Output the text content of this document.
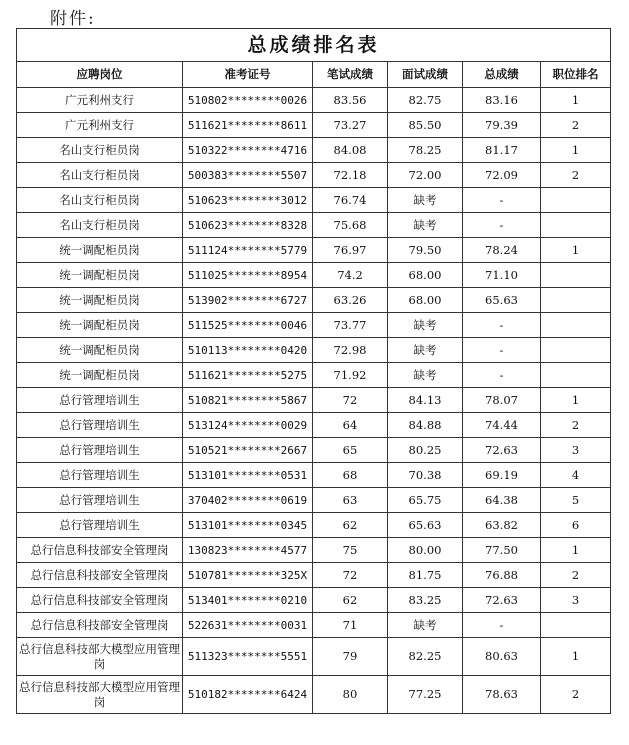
附件:
总成绩排名表					
应聘岗位	准考证号	笔试成绩	面试成绩	总成绩	职位排名
广元利州支行	510802********0026	83.56	82.75	83.16	1
广元利州支行	511621********8611	73.27	85.50	79.39	2
名山支行柜员岗	510322********4716	84.08	78.25	81.17	1
名山支行柜员岗	500383********5507	72.18	72.00	72.09	2
名山支行柜员岗	510623********3012	76.74	缺考	-	
名山支行柜员岗	510623********8328	75.68	缺考	-	
统一调配柜员岗	511124********5779	76.97	79.50	78.24	1
统一调配柜员岗	511025********8954	74.2	68.00	71.10	
统一调配柜员岗	513902********6727	63.26	68.00	65.63	
统一调配柜员岗	511525********0046	73.77	缺考	-	
统一调配柜员岗	510113********0420	72.98	缺考	-	
统一调配柜员岗	511621********5275	71.92	缺考	-	
总行管理培训生	510821********5867	72	84.13	78.07	1
总行管理培训生	513124********0029	64	84.88	74.44	2
总行管理培训生	510521********2667	65	80.25	72.63	3
总行管理培训生	513101********0531	68	70.38	69.19	4
总行管理培训生	370402********0619	63	65.75	64.38	5
总行管理培训生	513101********0345	62	65.63	63.82	6
总行信息科技部安全管理岗	130823********4577	75	80.00	77.50	1
总行信息科技部安全管理岗	510781********325X	72	81.75	76.88	2
总行信息科技部安全管理岗	513401********0210	62	83.25	72.63	3
总行信息科技部安全管理岗	522631********0031	71	缺考	-	
总行信息科技部大模型应用管理岗	511323********5551	79	82.25	80.63	1
总行信息科技部大模型应用管理岗	510182********6424	80	77.25	78.63	2
